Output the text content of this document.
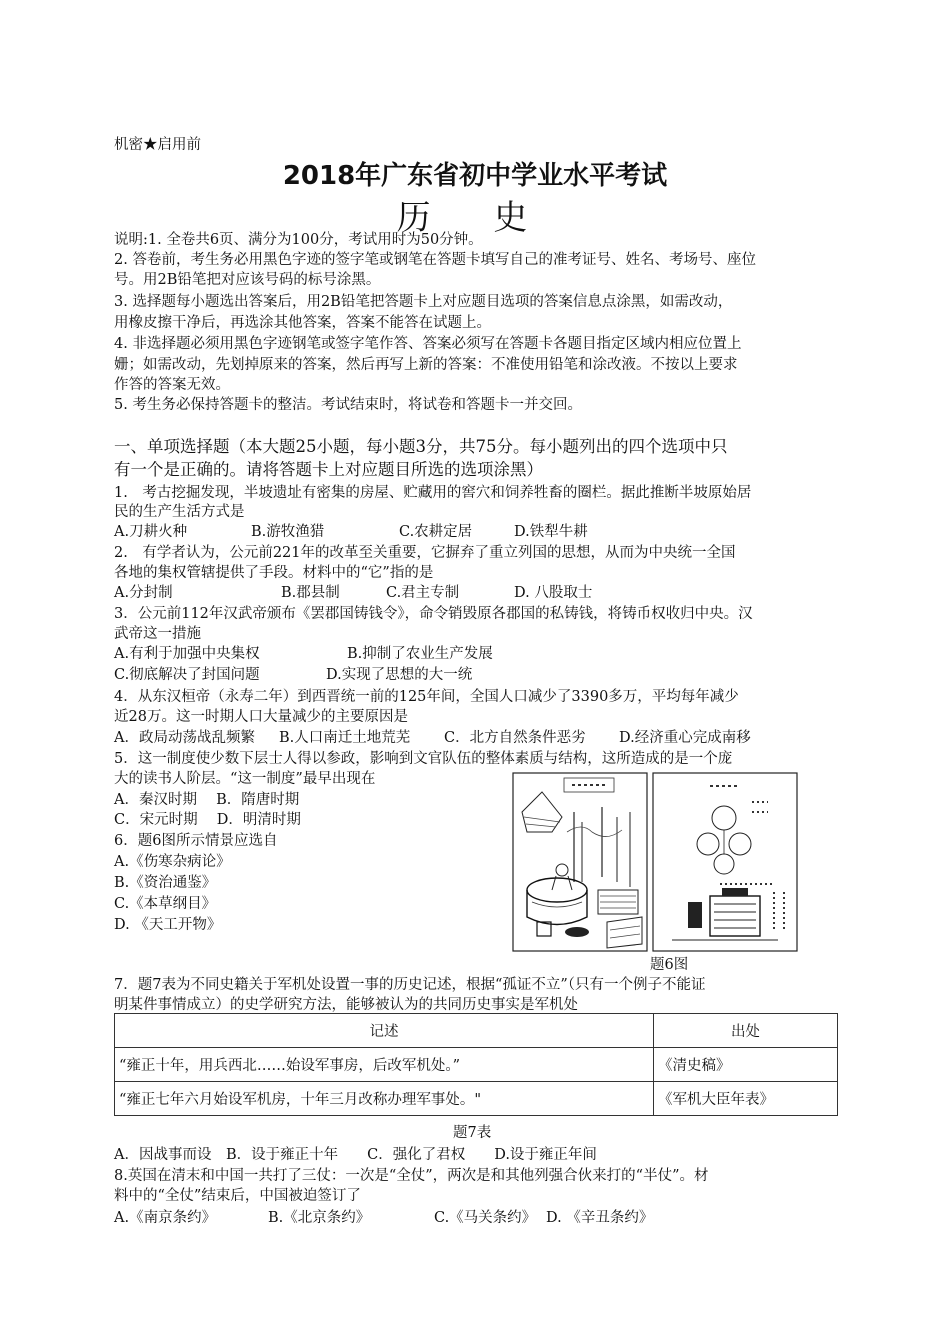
机密★启用前
2018年广东省初中学业水平考试
历 史
说明:1. 全卷共6页、满分为100分，考试用时为50分钟。
2. 答卷前，考生务必用黑色字迹的签字笔或钢笔在答题卡填写自己的准考证号、姓名、考场号、座位
号。用2B铅笔把对应该号码的标号涂黑。
3. 选择题每小题选出答案后，用2B铅笔把答题卡上对应题目选项的答案信息点涂黑，如需改动，
用橡皮擦干净后，再选涂其他答案，答案不能答在试题上。
4. 非选择题必须用黑色字迹钢笔或签字笔作答、答案必须写在答题卡各题目指定区域内相应位置上
姗；如需改动，先划掉原来的答案，然后再写上新的答案：不准使用铅笔和涂改液。不按以上要求
作答的答案无效。
5. 考生务必保持答题卡的整洁。考试结束时，将试卷和答题卡一并交回。
一、单项选择题（本大题25小题，每小题3分，共75分。每小题列出的四个选项中只
有一个是正确的。请将答题卡上对应题目所选的选项涂黑）
1.　考古挖掘发现，半坡遗址有密集的房屋、贮藏用的窖穴和饲养牲畜的圈栏。据此推断半坡原始居
民的生产生活方式是
A.刀耕火种	B.游牧渔猎	C.农耕定居	D.铁犁牛耕
2.　有学者认为，公元前221年的改革至关重要，它摒弃了重立列国的思想，从而为中央统一全国
各地的集权管辖提供了手段。材料中的“它”指的是
A.分封制	B.郡县制	C.君主专制	D. 八股取士
3．公元前112年汉武帝颁布《罢郡国铸钱令》，命令销毁原各郡国的私铸钱，将铸币权收归中央。汉
武帝这一措施
A.有利于加强中央集权	B.抑制了农业生产发展
C.彻底解决了封国问题	D.实现了思想的大一统
4．从东汉桓帝（永寿二年）到西晋统一前的125年间，全国人口减少了3390多万，平均每年减少
近28万。这一时期人口大量减少的主要原因是
A．政局动荡战乱频繁 B.人口南迁土地荒芜 C．北方自然条件恶劣 D.经济重心完成南移
5．这一制度使少数下层士人得以参政，影响到文官队伍的整体素质与结构，这所造成的是一个庞
大的读书人阶层。“这一制度”最早出现在
A．秦汉时期　 B．隋唐时期
C．宋元时期　 D．明清时期
6．题6图所示情景应选自
A.《伤寒杂病论》
B.《资治通鉴》
C.《本草纲目》
D. 《天工开物》
题6图
7．题7表为不同史籍关于军机处设置一事的历史记述，根据“孤证不立”（只有一个例子不能证
明某件事情成立）的史学研究方法，能够被认为的共同历史事实是军机处
记述	出处
“雍正十年，用兵西北……始设军事房，后改军机处。”	《清史稿》
“雍正七年六月始设军机房，十年三月改称办理军事处。"	《军机大臣年表》
题7表
A．因战事而设　B．设于雍正十年　　C．强化了君权　　D.设于雍正年间
8.英国在清末和中国一共打了三仗：一次是“全仗”，两次是和其他列强合伙来打的“半仗”。材
料中的“全仗”结束后，中国被迫签订了
A.《南京条约》	B.《北京条约》	C.《马关条约》 D. 《辛丑条约》
